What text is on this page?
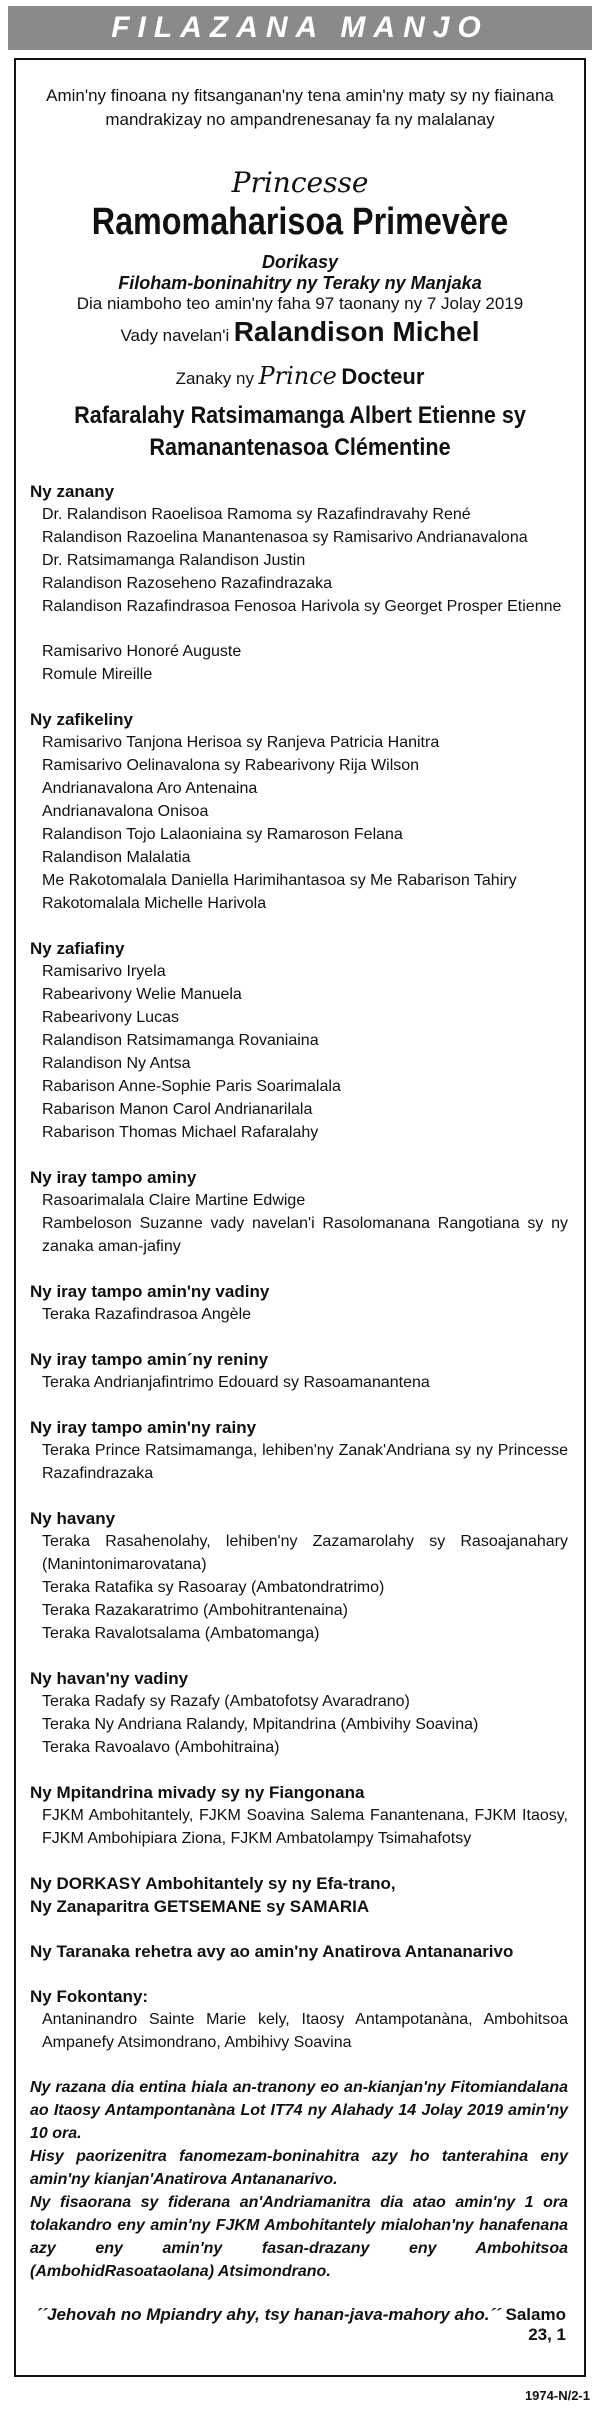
FILAZANA MANJO
Amin'ny finoana ny fitsanganan'ny tena amin'ny maty sy ny fiainana mandrakizay no ampandrenesanay fa ny malalanay
Princesse
Ramomaharisoa Primevère
Dorikasy
Filoham-boninahitry ny Teraky ny Manjaka
Dia niamboho teo amin'ny faha 97 taonany ny 7 Jolay 2019
Vady navelan'i Ralandison Michel
Zanaky ny Prince Docteur
Rafaralahy Ratsimamanga Albert Etienne sy Ramanantenasoa Clémentine
Ny zanany
Dr. Ralandison Raoelisoa Ramoma sy Razafindravahy René
Ralandison Razoelina Manantenasoa sy Ramisarivo Andrianavalona
Dr. Ratsimamanga Ralandison Justin
Ralandison Razoseheno Razafindrazaka
Ralandison Razafindrasoa Fenosoa Harivola sy Georget Prosper Etienne
Ramisarivo Honoré Auguste
Romule Mireille
Ny zafikeliny
Ramisarivo Tanjona Herisoa sy Ranjeva Patricia Hanitra
Ramisarivo Oelinavalona sy Rabearivony Rija Wilson
Andrianavalona Aro Antenaina
Andrianavalona Onisoa
Ralandison Tojo Lalaoniaina sy Ramaroson Felana
Ralandison Malalatia
Me Rakotomalala Daniella Harimihantasoa sy Me Rabarison Tahiry
Rakotomalala Michelle Harivola
Ny zafiafiny
Ramisarivo Iryela
Rabearivony Welie Manuela
Rabearivony Lucas
Ralandison Ratsimamanga Rovaniaina
Ralandison Ny Antsa
Rabarison Anne-Sophie Paris Soarimalala
Rabarison Manon Carol Andrianarilala
Rabarison Thomas Michael Rafaralahy
Ny iray tampo aminy
Rasoarimalala Claire Martine Edwige
Rambeloson Suzanne vady navelan'i Rasolomanana Rangotiana sy ny zanaka aman-jafiny
Ny iray tampo amin'ny vadiny
Teraka Razafindrasoa Angèle
Ny iray tampo amin´ny reniny
Teraka Andrianjafintrimo Edouard sy Rasoamanantena
Ny iray tampo amin'ny rainy
Teraka Prince Ratsimamanga, lehiben'ny Zanak'Andriana sy ny Princesse Razafindrazaka
Ny havany
Teraka Rasahenolahy, lehiben'ny Zazamarolahy sy Rasoajanahary (Manintonimarovatana)
Teraka Ratafika sy Rasoaray (Ambatondratrimo)
Teraka Razakaratrimo (Ambohitrantenaina)
Teraka Ravalotsalama (Ambatomanga)
Ny havan'ny vadiny
Teraka Radafy sy Razafy (Ambatofotsy Avaradrano)
Teraka Ny Andriana Ralandy, Mpitandrina (Ambivihy Soavina)
Teraka Ravoalavo (Ambohitraina)
Ny Mpitandrina mivady sy ny Fiangonana
FJKM Ambohitantely, FJKM Soavina Salema Fanantenana, FJKM Itaosy, FJKM Ambohipiara Ziona, FJKM Ambatolampy Tsimahafotsy
Ny DORKASY Ambohitantely sy ny Efa-trano,
Ny Zanaparitra GETSEMANE sy SAMARIA
Ny Taranaka rehetra avy ao amin'ny Anatirova Antananarivo
Ny Fokontany:
Antaninandro Sainte Marie kely, Itaosy Antampotanàna, Ambohitsoa Ampanefy Atsimondrano, Ambihivy Soavina
Ny razana dia entina hiala an-tranony eo an-kianjan'ny Fitomiandalana ao Itaosy Antampontanàna Lot IT74 ny Alahady 14 Jolay 2019 amin'ny 10 ora.
Hisy paorizenitra fanomezam-boninahitra azy ho tanterahina eny amin'ny kianjan'Anatirova Antananarivo.
Ny fisaorana sy fiderana an'Andriamanitra dia atao amin'ny 1 ora tolakandro eny amin'ny FJKM Ambohitantely mialohan'ny hanafenana azy eny amin'ny fasan-drazany eny Ambohitsoa (AmbohidRasoataolana) Atsimondrano.
´´Jehovah no Mpiandry ahy, tsy hanan-java-mahory aho.´´ Salamo 23, 1
1974-N/2-1
